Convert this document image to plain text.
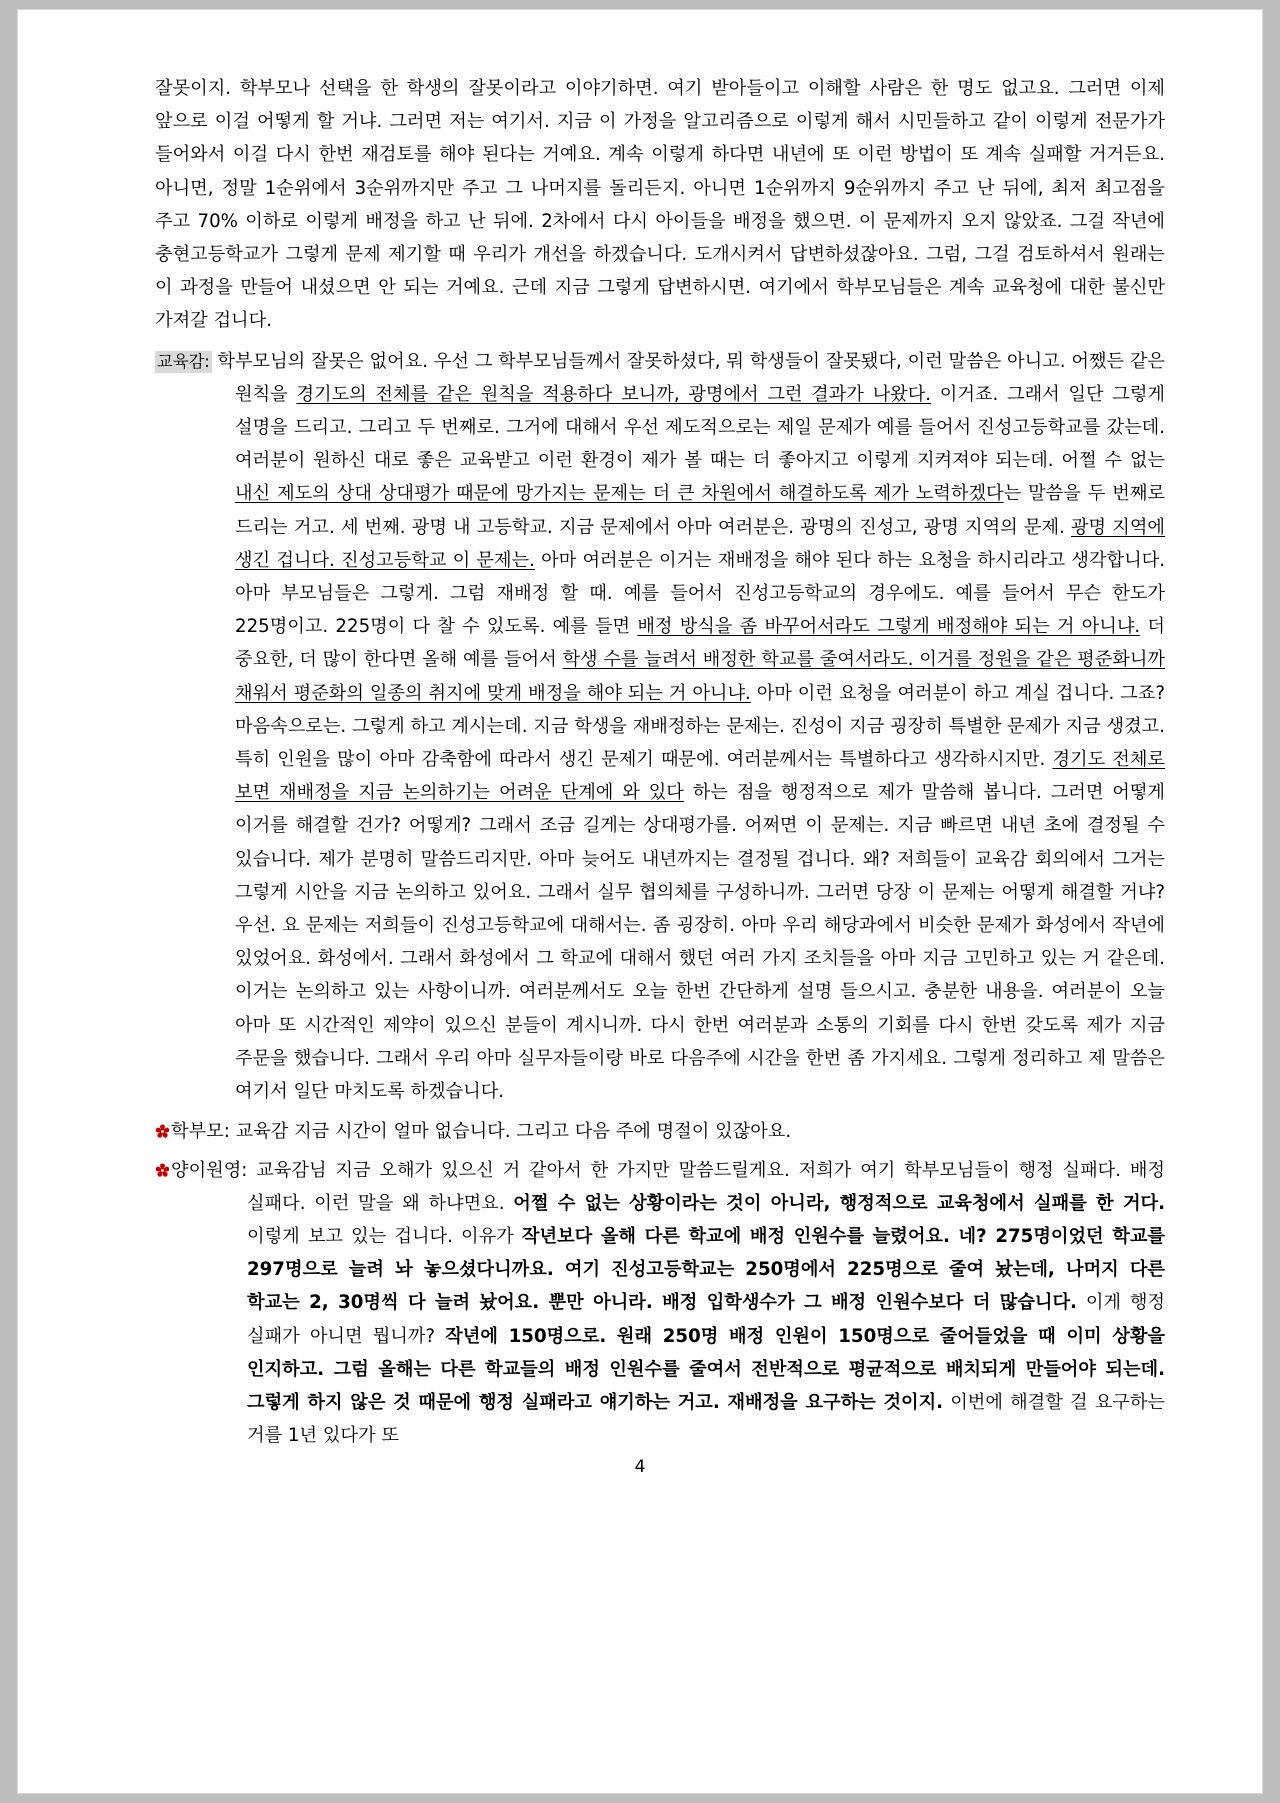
잘못이지. 학부모나 선택을 한 학생의 잘못이라고 이야기하면. 여기 받아들이고 이해할 사람은 한 명도 없고요. 그러면 이제 앞으로 이걸 어떻게 할 거냐. 그러면 저는 여기서. 지금 이 가정을 알고리즘으로 이렇게 해서 시민들하고 같이 이렇게 전문가가 들어와서 이걸 다시 한번 재검토를 해야 된다는 거예요. 계속 이렇게 하다면 내년에 또 이런 방법이 또 계속 실패할 거거든요. 아니면, 정말 1순위에서 3순위까지만 주고 그 나머지를 돌리든지. 아니면 1순위까지 9순위까지 주고 난 뒤에, 최저 최고점을 주고 70% 이하로 이렇게 배정을 하고 난 뒤에. 2차에서 다시 아이들을 배정을 했으면. 이 문제까지 오지 않았죠. 그걸 작년에 충현고등학교가 그렇게 문제 제기할 때 우리가 개선을 하겠습니다. 도개시켜서 답변하셨잖아요. 그럼, 그걸 검토하셔서 원래는 이 과정을 만들어 내셨으면 안 되는 거예요. 근데 지금 그렇게 답변하시면. 여기에서 학부모님들은 계속 교육청에 대한 불신만 가져갈 겁니다.

교육감: 학부모님의 잘못은 없어요. 우선 그 학부모님들께서 잘못하셨다, 뭐 학생들이 잘못됐다, 이런 말씀은 아니고. 어쨌든 같은 원칙을 경기도의 전체를 같은 원칙을 적용하다 보니까, 광명에서 그런 결과가 나왔다. 이거죠. 그래서 일단 그렇게 설명을 드리고. 그리고 두 번째로. 그거에 대해서 우선 제도적으로는 제일 문제가 예를 들어서 진성고등학교를 갔는데. 여러분이 원하신 대로 좋은 교육받고 이런 환경이 제가 볼 때는 더 좋아지고 이렇게 지켜져야 되는데. 어쩔 수 없는 내신 제도의 상대 상대평가 때문에 망가지는 문제는 더 큰 차원에서 해결하도록 제가 노력하겠다는 말씀을 두 번째로 드리는 거고. 세 번째. 광명 내 고등학교. 지금 문제에서 아마 여러분은. 광명의 진성고, 광명 지역의 문제. 광명 지역에 생긴 겁니다. 진성고등학교 이 문제는. 아마 여러분은 이거는 재배정을 해야 된다 하는 요청을 하시리라고 생각합니다. 아마 부모님들은 그렇게. 그럼 재배정 할 때. 예를 들어서 진성고등학교의 경우에도. 예를 들어서 무슨 한도가 225명이고. 225명이 다 찰 수 있도록. 예를 들면 배정 방식을 좀 바꾸어서라도 그렇게 배정해야 되는 거 아니냐. 더 중요한, 더 많이 한다면 올해 예를 들어서 학생 수를 늘려서 배정한 학교를 줄여서라도. 이거를 정원을 같은 평준화니까 채워서 평준화의 일종의 취지에 맞게 배정을 해야 되는 거 아니냐. 아마 이런 요청을 여러분이 하고 계실 겁니다. 그죠? 마음속으로는. 그렇게 하고 계시는데. 지금 학생을 재배정하는 문제는. 진성이 지금 굉장히 특별한 문제가 지금 생겼고. 특히 인원을 많이 아마 감축함에 따라서 생긴 문제기 때문에. 여러분께서는 특별하다고 생각하시지만. 경기도 전체로 보면 재배정을 지금 논의하기는 어려운 단계에 와 있다 하는 점을 행정적으로 제가 말씀해 봅니다. 그러면 어떻게 이거를 해결할 건가? 어떻게? 그래서 조금 길게는 상대평가를. 어쩌면 이 문제는. 지금 빠르면 내년 초에 결정될 수 있습니다. 제가 분명히 말씀드리지만. 아마 늦어도 내년까지는 결정될 겁니다. 왜? 저희들이 교육감 회의에서 그거는 그렇게 시안을 지금 논의하고 있어요. 그래서 실무 협의체를 구성하니까. 그러면 당장 이 문제는 어떻게 해결할 거냐? 우선. 요 문제는 저희들이 진성고등학교에 대해서는. 좀 굉장히. 아마 우리 해당과에서 비슷한 문제가 화성에서 작년에 있었어요. 화성에서. 그래서 화성에서 그 학교에 대해서 했던 여러 가지 조치들을 아마 지금 고민하고 있는 거 같은데. 이거는 논의하고 있는 사항이니까. 여러분께서도 오늘 한번 간단하게 설명 들으시고. 충분한 내용을. 여러분이 오늘 아마 또 시간적인 제약이 있으신 분들이 계시니까. 다시 한번 여러분과 소통의 기회를 다시 한번 갖도록 제가 지금 주문을 했습니다. 그래서 우리 아마 실무자들이랑 바로 다음주에 시간을 한번 좀 가지세요. 그렇게 정리하고 제 말씀은 여기서 일단 마치도록 하겠습니다.

학부모: 교육감 지금 시간이 얼마 없습니다. 그리고 다음 주에 명절이 있잖아요.

양이원영: 교육감님 지금 오해가 있으신 거 같아서 한 가지만 말씀드릴게요. 저희가 여기 학부모님들이 행정 실패다. 배정 실패다. 이런 말을 왜 하냐면요. 어쩔 수 없는 상황이라는 것이 아니라, 행정적으로 교육청에서 실패를 한 거다. 이렇게 보고 있는 겁니다. 이유가 작년보다 올해 다른 학교에 배정 인원수를 늘렸어요. 네? 275명이었던 학교를 297명으로 늘려 놔 놓으셨다니까요. 여기 진성고등학교는 250명에서 225명으로 줄여 놨는데, 나머지 다른 학교는 2, 30명씩 다 늘려 놨어요. 뿐만 아니라. 배정 입학생수가 그 배정 인원수보다 더 많습니다. 이게 행정 실패가 아니면 뭡니까? 작년에 150명으로. 원래 250명 배정 인원이 150명으로 줄어들었을 때 이미 상황을 인지하고. 그럼 올해는 다른 학교들의 배정 인원수를 줄여서 전반적으로 평균적으로 배치되게 만들어야 되는데. 그렇게 하지 않은 것 때문에 행정 실패라고 얘기하는 거고. 재배정을 요구하는 것이지. 이번에 해결할 걸 요구하는 거를 1년 있다가 또

4
